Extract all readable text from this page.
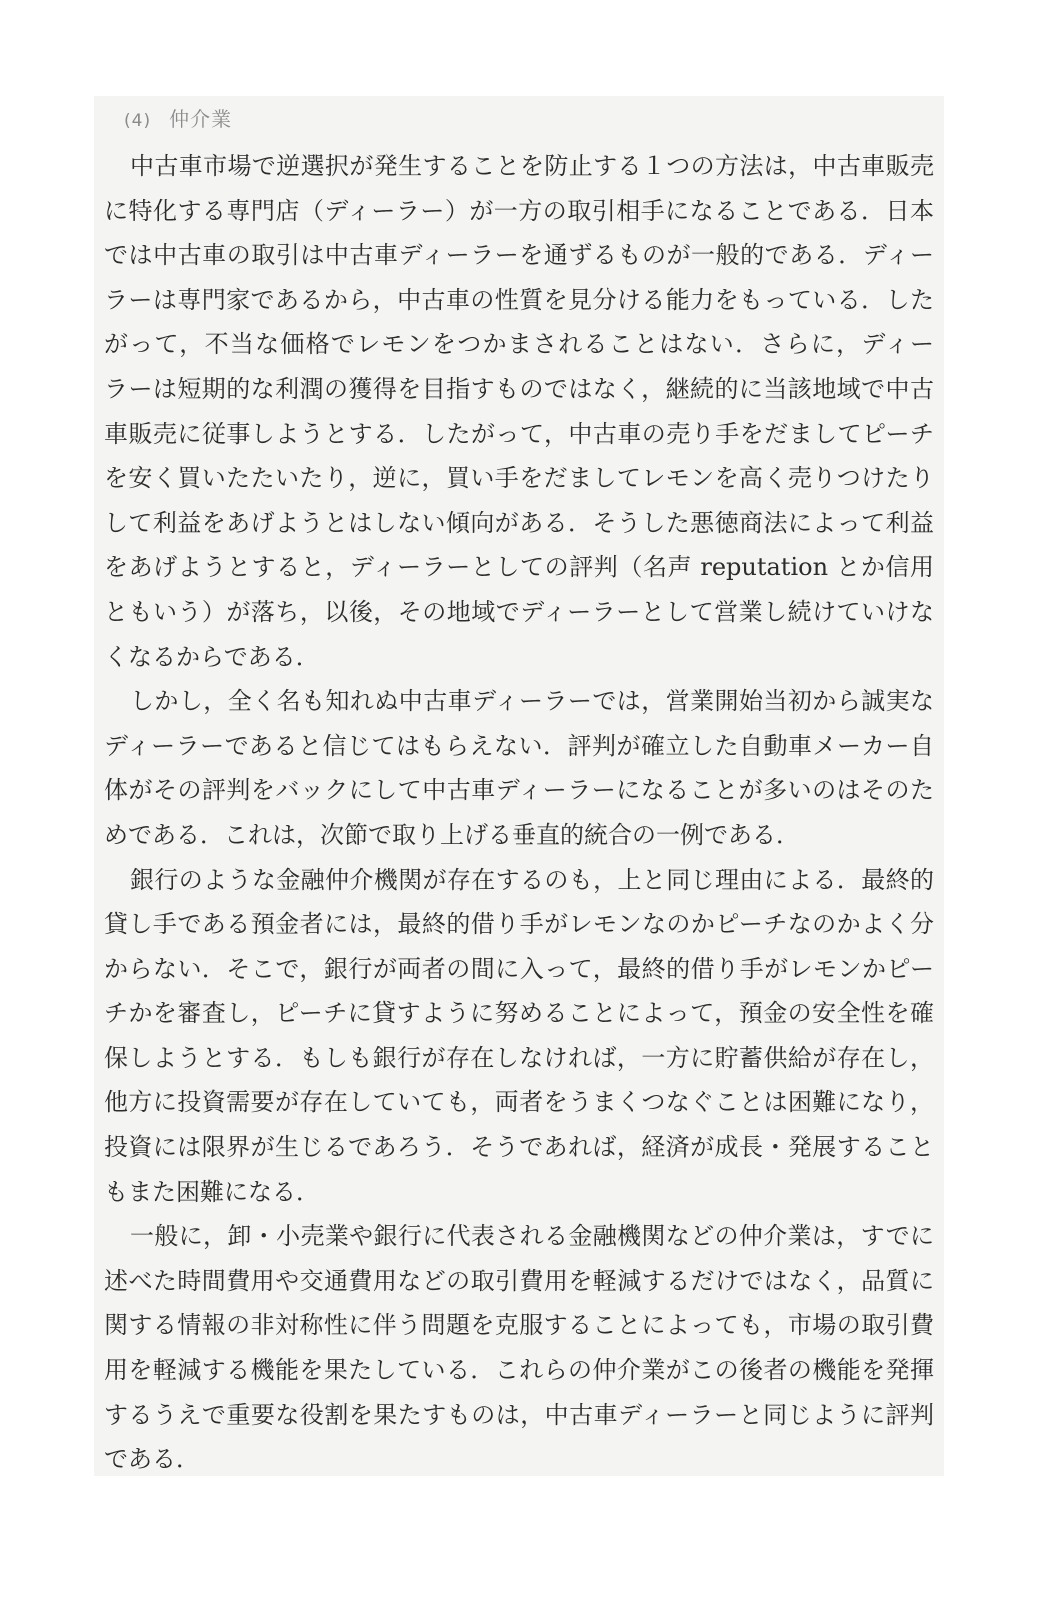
(4) 仲介業
中古車市場で逆選択が発生することを防止する１つの方法は，中古車販売
に特化する専門店（ディーラー）が一方の取引相手になることである．日本
では中古車の取引は中古車ディーラーを通ずるものが一般的である．ディー
ラーは専門家であるから，中古車の性質を見分ける能力をもっている．した
がって，不当な価格でレモンをつかまされることはない．さらに，ディー
ラーは短期的な利潤の獲得を目指すものではなく，継続的に当該地域で中古
車販売に従事しようとする．したがって，中古車の売り手をだましてピーチ
を安く買いたたいたり，逆に，買い手をだましてレモンを高く売りつけたり
して利益をあげようとはしない傾向がある．そうした悪徳商法によって利益
をあげようとすると，ディーラーとしての評判（名声 reputation とか信用
ともいう）が落ち，以後，その地域でディーラーとして営業し続けていけな
くなるからである．
しかし，全く名も知れぬ中古車ディーラーでは，営業開始当初から誠実な
ディーラーであると信じてはもらえない．評判が確立した自動車メーカー自
体がその評判をバックにして中古車ディーラーになることが多いのはそのた
めである．これは，次節で取り上げる垂直的統合の一例である．
銀行のような金融仲介機関が存在するのも，上と同じ理由による．最終的
貸し手である預金者には，最終的借り手がレモンなのかピーチなのかよく分
からない．そこで，銀行が両者の間に入って，最終的借り手がレモンかピー
チかを審査し，ピーチに貸すように努めることによって，預金の安全性を確
保しようとする．もしも銀行が存在しなければ，一方に貯蓄供給が存在し，
他方に投資需要が存在していても，両者をうまくつなぐことは困難になり，
投資には限界が生じるであろう．そうであれば，経済が成長・発展すること
もまた困難になる．
一般に，卸・小売業や銀行に代表される金融機関などの仲介業は，すでに
述べた時間費用や交通費用などの取引費用を軽減するだけではなく，品質に
関する情報の非対称性に伴う問題を克服することによっても，市場の取引費
用を軽減する機能を果たしている．これらの仲介業がこの後者の機能を発揮
するうえで重要な役割を果たすものは，中古車ディーラーと同じように評判
である．
